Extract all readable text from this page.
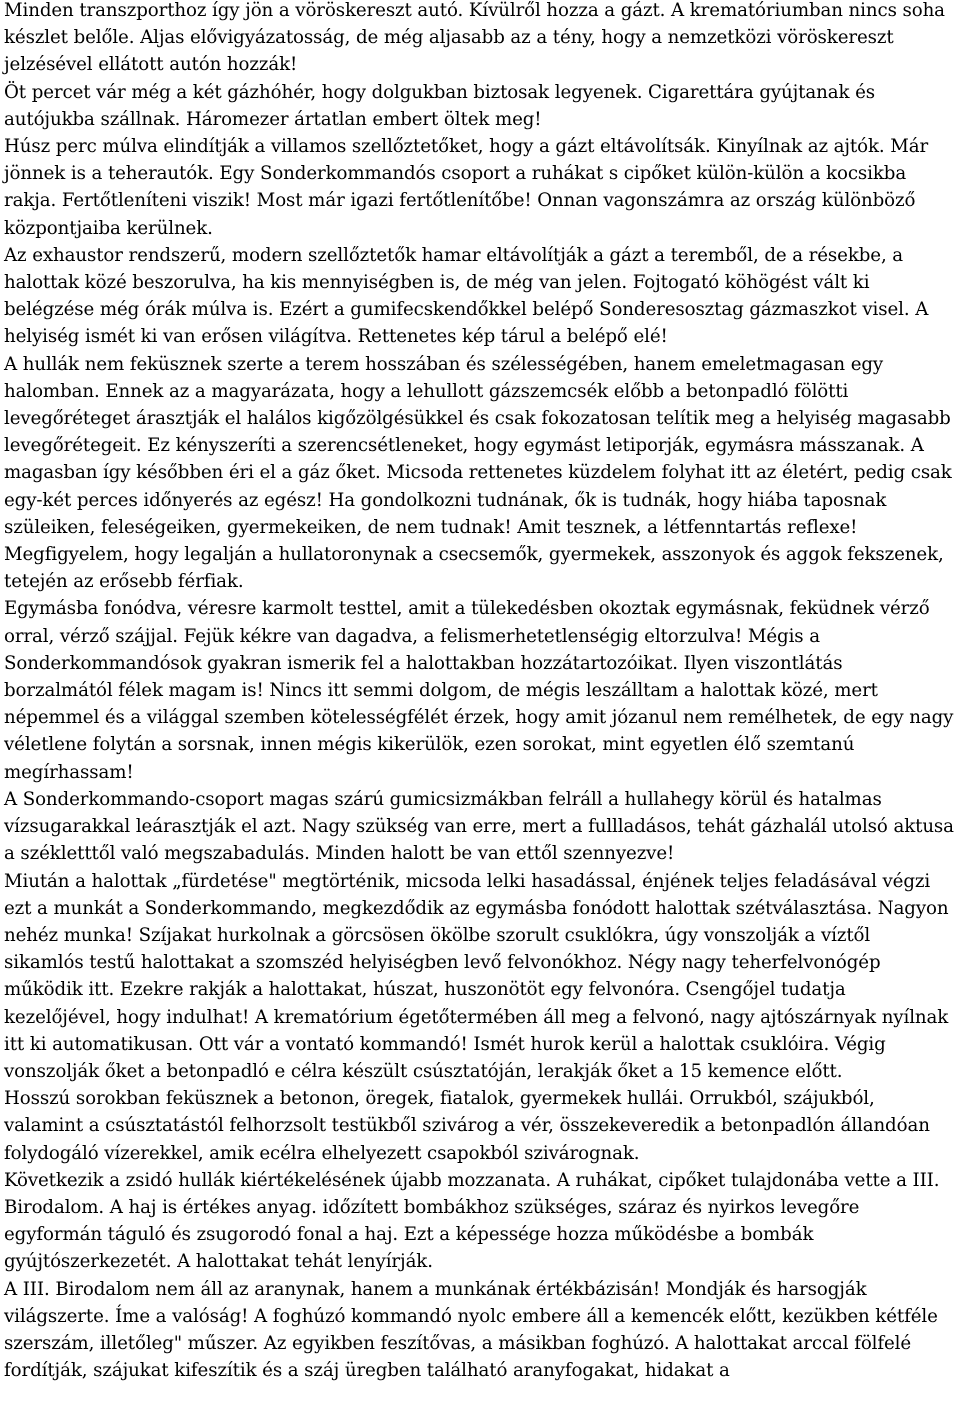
Minden transzporthoz így jön a vöröskereszt autó. Kívülről hozza a gázt. A krematóriumban nincs soha készlet belőle. Aljas elővigyázatosság, de még aljasabb az a tény, hogy a nemzetközi vöröskereszt jelzésével ellátott autón hozzák!

Öt percet vár még a két gázhóhér, hogy dolgukban biztosak legyenek. Cigarettára gyújtanak és autójukba szállnak. Háromezer ártatlan embert öltek meg!

Húsz perc múlva elindítják a villamos szellőztetőket, hogy a gázt eltávolítsák. Kinyílnak az ajtók. Már jönnek is a teherautók. Egy Sonderkommandós csoport a ruhákat s cipőket külön-külön a kocsikba rakja. Fertőtleníteni viszik! Most már igazi fertőtlenítőbe! Onnan vagonszámra az ország különböző központjaiba kerülnek.

Az exhaustor rendszerű, modern szellőztetők hamar eltávolítják a gázt a teremből, de a résekbe, a halottak közé beszorulva, ha kis mennyiségben is, de még van jelen. Fojtogató köhögést vált ki belégzése még órák múlva is. Ezért a gumifecskendőkkel belépő Sonderesosztag gázmaszkot visel. A helyiség ismét ki van erősen világítva. Rettenetes kép tárul a belépő elé!

A hullák nem feküsznek szerte a terem hosszában és szélességében, hanem emeletmagasan egy halomban. Ennek az a magyarázata, hogy a lehullott gázszemcsék előbb a betonpadló fölötti levegőréteget árasztják el halálos kigőzölgésükkel és csak fokozatosan telítik meg a helyiség magasabb levegőrétegeit. Ez kényszeríti a szerencsétleneket, hogy egymást letiporják, egymásra másszanak. A magasban így későbben éri el a gáz őket. Micsoda rettenetes küzdelem folyhat itt az életért, pedig csak egy-két perces időnyerés az egész! Ha gondolkozni tudnának, ők is tudnák, hogy hiába taposnak szüleiken, feleségeiken, gyermekeiken, de nem tudnak! Amit tesznek, a létfenntartás reflexe! Megfigyelem, hogy legalján a hullatoronynak a csecsemők, gyermekek, asszonyok és aggok fekszenek, tetején az erősebb férfiak.

Egymásba fonódva, véresre karmolt testtel, amit a tülekedésben okoztak egymásnak, feküdnek vérző orral, vérző szájjal. Fejük kékre van dagadva, a felismerhetetlenségig eltorzulva! Mégis a Sonderkommandósok gyakran ismerik fel a halottakban hozzátartozóikat. Ilyen viszontlátás borzalmától félek magam is! Nincs itt semmi dolgom, de mégis leszálltam a halottak közé, mert népemmel és a világgal szemben kötelességfélét érzek, hogy amit józanul nem remélhetek, de egy nagy véletlene folytán a sorsnak, innen mégis kikerülök, ezen sorokat, mint egyetlen élő szemtanú megírhassam!

A Sonderkommando-csoport magas szárú gumicsizmákban felráll a hullahegy körül és hatalmas vízsugarakkal leárasztják el azt. Nagy szükség van erre, mert a fullladásos, tehát gázhalál utolsó aktusa a székletttől való megszabadulás. Minden halott be van ettől szennyezve!

Miután a halottak „fürdetése" megtörténik, micsoda lelki hasadással, énjének teljes feladásával végzi ezt a munkát a Sonderkommando, megkezdődik az egymásba fonódott halottak szétválasztása. Nagyon nehéz munka! Szíjakat hurkolnak a görcsösen ökölbe szorult csuklókra, úgy vonszolják a víztől sikamlós testű halottakat a szomszéd helyiségben levő felvonókhoz. Négy nagy teherfelvonógép működik itt. Ezekre rakják a halottakat, húszat, huszonötöt egy felvonóra. Csengőjel tudatja kezelőjével, hogy indulhat! A krematórium égetőtermében áll meg a felvonó, nagy ajtószárnyak nyílnak itt ki automatikusan. Ott vár a vontató kommandó! Ismét hurok kerül a halottak csuklóira. Végig vonszolják őket a betonpadló e célra készült csúsztatóján, lerakják őket a 15 kemence előtt.

Hosszú sorokban feküsznek a betonon, öregek, fiatalok, gyermekek hullái. Orrukból, szájukból, valamint a csúsztatástól felhorzsolt testükből szivárog a vér, összekeveredik a betonpadlón állandóan folydogáló vízerekkel, amik ecélra elhelyezett csapokból szivárognak.

Következik a zsidó hullák kiértékelésének újabb mozzanata. A ruhákat, cipőket tulajdonába vette a III. Birodalom. A haj is értékes anyag. időzített bombákhoz szükséges, száraz és nyirkos levegőre egyformán táguló és zsugorodó fonal a haj. Ezt a képessége hozza működésbe a bombák gyújtószerkezetét. A halottakat tehát lenyírják.

A III. Birodalom nem áll az aranynak, hanem a munkának értékbázisán! Mondják és harsogják világszerte. Íme a valóság! A foghúzó kommandó nyolc embere áll a kemencék előtt, kezükben kétféle szerszám, illetőleg" műszer. Az egyikben feszítővas, a másikban foghúzó. A halottakat arccal fölfelé fordítják, szájukat kifeszítik és a száj üregben található aranyfogakat, hidakat a
